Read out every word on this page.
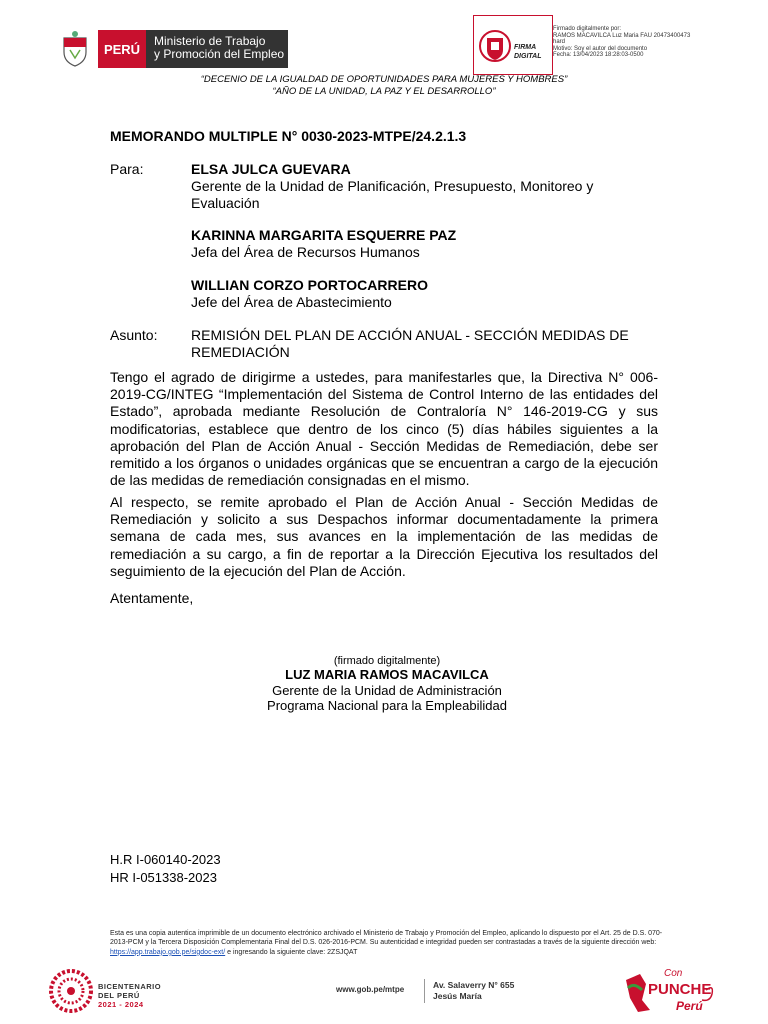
PERÚ
Ministerio de Trabajo
y Promoción del Empleo	FIRMA
DIGITAL
Firmado digitalmente por:
RAMOS MACAVILCA Luz Maria FAU 20473400473
hard
Motivo: Soy el autor del documento
Fecha: 13/04/2023 18:28:03-0500
“DECENIO DE LA IGUALDAD DE OPORTUNIDADES PARA MUJERES Y HOMBRES”
“AÑO DE LA UNIDAD, LA PAZ Y EL DESARROLLO”
MEMORANDO MULTIPLE N° 0030-2023-MTPE/24.2.1.3
Para:	ELSA JULCA GUEVARA
Gerente de la Unidad de Planificación, Presupuesto, Monitoreo y
Evaluación
KARINNA MARGARITA ESQUERRE PAZ
Jefa del Área de Recursos Humanos
WILLIAN CORZO PORTOCARRERO
Jefe del Área de Abastecimiento
Asunto: REMISIÓN DEL PLAN DE ACCIÓN ANUAL - SECCIÓN MEDIDAS DE
REMEDIACIÓN
Tengo el agrado de dirigirme a ustedes, para manifestarles que, la Directiva N° 006-2019-CG/INTEG “Implementación del Sistema de Control Interno de las entidades del Estado”, aprobada mediante Resolución de Contraloría N° 146-2019-CG y sus modificatorias, establece que dentro de los cinco (5) días hábiles siguientes a la aprobación del Plan de Acción Anual - Sección Medidas de Remediación, debe ser remitido a los órganos o unidades orgánicas que se encuentran a cargo de la ejecución de las medidas de remediación consignadas en el mismo.
Al respecto, se remite aprobado el Plan de Acción Anual - Sección Medidas de Remediación y solicito a sus Despachos informar documentadamente la primera semana de cada mes, sus avances en la implementación de las medidas de remediación a su cargo, a fin de reportar a la Dirección Ejecutiva los resultados del seguimiento de la ejecución del Plan de Acción.
Atentamente,
(firmado digitalmente)
LUZ MARIA RAMOS MACAVILCA
Gerente de la Unidad de Administración
Programa Nacional para la Empleabilidad
H.R I-060140-2023
HR I-051338-2023
Esta es una copia autentica imprimible de un documento electrónico archivado el Ministerio de Trabajo y Promoción del Empleo, aplicando lo dispuesto por el Art. 25 de D.S. 070-2013-PCM y la Tercera Disposición Complementaria Final del D.S. 026-2016-PCM. Su autenticidad e integridad pueden ser contrastadas a través de la siguiente dirección web: https://app.trabajo.gob.pe/sigdoc-ext/ e ingresando la siguiente clave: 2ZSJQAT
BICENTENARIO
DEL PERÚ
2021 - 2024
www.gob.pe/mtpe	Av. Salaverry N° 655
Jesús María
Con
PUNCHE
Perú
